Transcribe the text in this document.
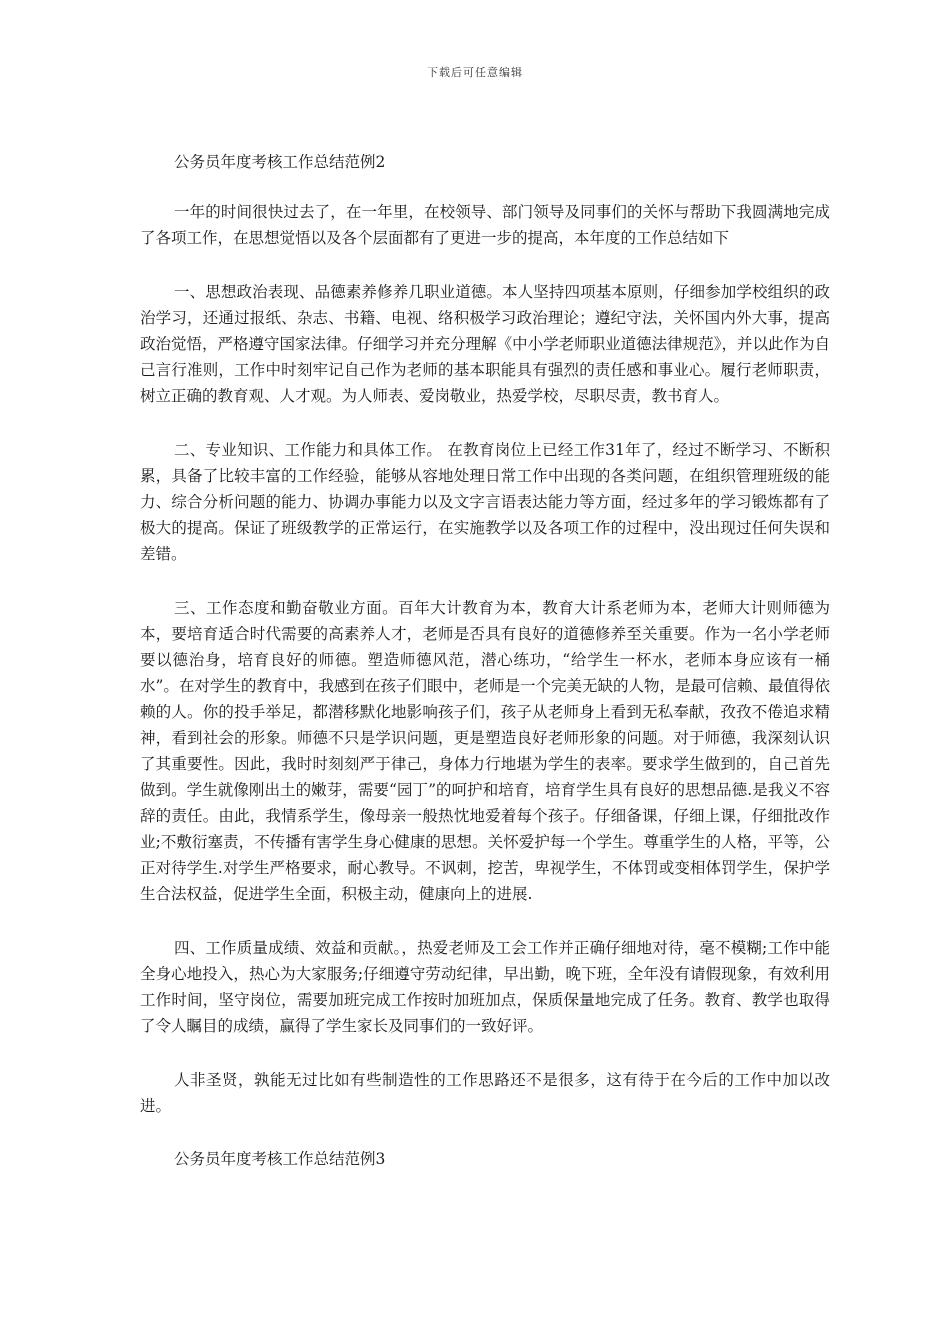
下载后可任意编辑

公务员年度考核工作总结范例2

一年的时间很快过去了，在一年里，在校领导、部门领导及同事们的关怀与帮助下我圆满地完成了各项工作，在思想觉悟以及各个层面都有了更进一步的提高，本年度的工作总结如下

一、思想政治表现、品德素养修养几职业道德。本人坚持四项基本原则，仔细参加学校组织的政治学习，还通过报纸、杂志、书籍、电视、络积极学习政治理论；遵纪守法，关怀国内外大事，提高政治觉悟，严格遵守国家法律。仔细学习并充分理解《中小学老师职业道德法律规范》，并以此作为自己言行准则，工作中时刻牢记自己作为老师的基本职能具有强烈的责任感和事业心。履行老师职责，树立正确的教育观、人才观。为人师表、爱岗敬业，热爱学校，尽职尽责，教书育人。

二、专业知识、工作能力和具体工作。 在教育岗位上已经工作31年了，经过不断学习、不断积累，具备了比较丰富的工作经验，能够从容地处理日常工作中出现的各类问题，在组织管理班级的能力、综合分析问题的能力、协调办事能力以及文字言语表达能力等方面，经过多年的学习锻炼都有了极大的提高。保证了班级教学的正常运行，在实施教学以及各项工作的过程中，没出现过任何失误和差错。

三、工作态度和勤奋敬业方面。百年大计教育为本，教育大计系老师为本，老师大计则师德为本，要培育适合时代需要的高素养人才，老师是否具有良好的道德修养至关重要。作为一名小学老师要以德治身，培育良好的师德。塑造师德风范，潜心练功，“给学生一杯水，老师本身应该有一桶水”。在对学生的教育中，我感到在孩子们眼中，老师是一个完美无缺的人物，是最可信赖、最值得依赖的人。你的投手举足，都潜移默化地影响孩子们，孩子从老师身上看到无私奉献，孜孜不倦追求精神，看到社会的形象。师德不只是学识问题，更是塑造良好老师形象的问题。对于师德，我深刻认识了其重要性。因此，我时时刻刻严于律己，身体力行地堪为学生的表率。要求学生做到的，自己首先做到。学生就像刚出土的嫩芽，需要“园丁”的呵护和培育，培育学生具有良好的思想品德.是我义不容辞的责任。由此，我情系学生，像母亲一般热忱地爱着每个孩子。仔细备课，仔细上课，仔细批改作业;不敷衍塞责，不传播有害学生身心健康的思想。关怀爱护每一个学生。尊重学生的人格，平等，公正对待学生.对学生严格要求，耐心教导。不讽刺，挖苦，卑视学生，不体罚或变相体罚学生，保护学生合法权益，促进学生全面，积极主动，健康向上的进展.

四、工作质量成绩、效益和贡献。，热爱老师及工会工作并正确仔细地对待，毫不模糊;工作中能全身心地投入，热心为大家服务;仔细遵守劳动纪律，早出勤，晚下班，全年没有请假现象，有效利用工作时间，坚守岗位，需要加班完成工作按时加班加点，保质保量地完成了任务。教育、教学也取得了令人瞩目的成绩，赢得了学生家长及同事们的一致好评。

人非圣贤，孰能无过比如有些制造性的工作思路还不是很多，这有待于在今后的工作中加以改进。

公务员年度考核工作总结范例3
